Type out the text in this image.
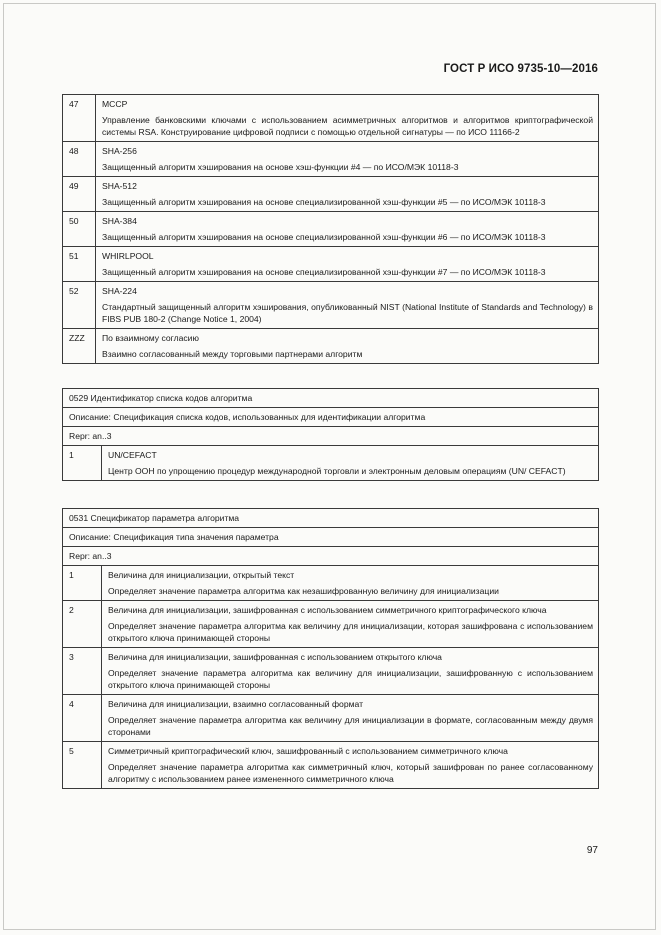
ГОСТ Р ИСО 9735-10—2016
47	MCCP
Управление банковскими ключами с использованием асимметричных алгоритмов и алгоритмов криптографической системы RSA. Конструирование цифровой подписи с помощью отдельной сигнатуры — по ИСО 11166-2

48	SHA-256
Защищенный алгоритм хэширования на основе хэш-функции #4 — по ИСО/МЭК 10118-3

49	SHA-512
Защищенный алгоритм хэширования на основе специализированной хэш-функции #5 — по ИСО/МЭК 10118-3

50	SHA-384
Защищенный алгоритм хэширования на основе специализированной хэш-функции #6 — по ИСО/МЭК 10118-3

51	WHIRLPOOL
Защищенный алгоритм хэширования на основе специализированной хэш-функции #7 — по ИСО/МЭК 10118-3

52	SHA-224
Стандартный защищенный алгоритм хэширования, опубликованный NIST (National Institute of Standards and Technology) в FIBS PUB 180-2 (Change Notice 1, 2004)

ZZZ	По взаимному согласию
Взаимно согласованный между торговыми партнерами алгоритм
0529 Идентификатор списка кодов алгоритма
Описание: Спецификация списка кодов, использованных для идентификации алгоритма
Repr: an..3
1	UN/CEFACT
Центр ООН по упрощению процедур международной торговли и электронным деловым операциям (UN/ CEFACT)
0531 Спецификатор параметра алгоритма	
Описание: Спецификация типа значения параметра	
Repr: an..3	
1	Величина для инициализации, открытый текст
Определяет значение параметра алгоритма как незашифрованную величину для инициализации

2	Величина для инициализации, зашифрованная с использованием симметричного криптографического ключа
Определяет значение параметра алгоритма как величину для инициализации, которая зашифрована с использованием открытого ключа принимающей стороны

3	Величина для инициализации, зашифрованная с использованием открытого ключа
Определяет значение параметра алгоритма как величину для инициализации, зашифрованную с использованием открытого ключа принимающей стороны

4	Величина для инициализации, взаимно согласованный формат
Определяет значение параметра алгоритма как величину для инициализации в формате, согласованным между двумя сторонами

5	Симметричный криптографический ключ, зашифрованный с использованием симметричного ключа
Определяет значение параметра алгоритма как симметричный ключ, который зашифрован по ранее согласованному алгоритму с использованием ранее измененного симметричного ключа
97
